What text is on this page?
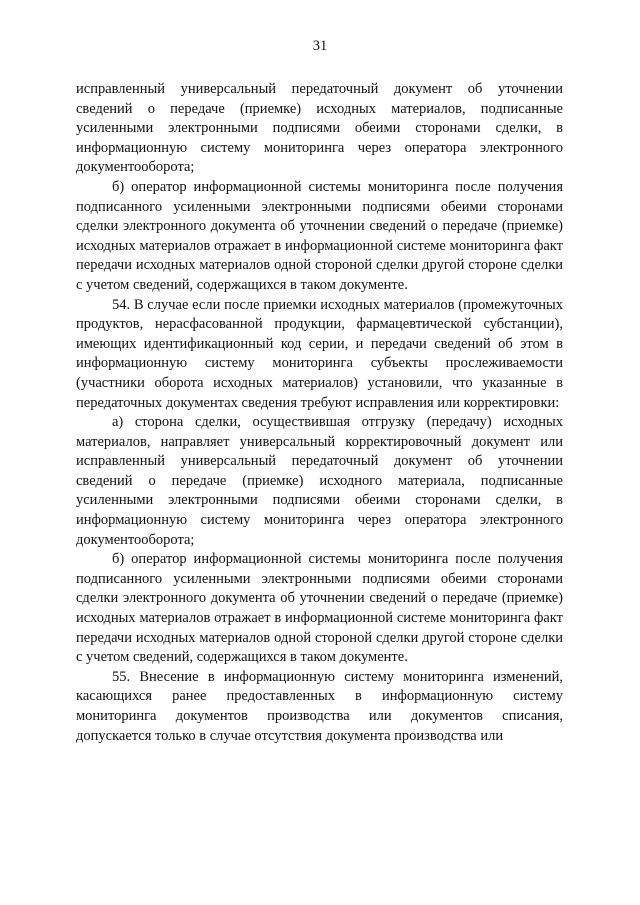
31

исправленный универсальный передаточный документ об уточнении сведений о передаче (приемке) исходных материалов, подписанные усиленными электронными подписями обеими сторонами сделки, в информационную систему мониторинга через оператора электронного документооборота;

б) оператор информационной системы мониторинга после получения подписанного усиленными электронными подписями обеими сторонами сделки электронного документа об уточнении сведений о передаче (приемке) исходных материалов отражает в информационной системе мониторинга факт передачи исходных материалов одной стороной сделки другой стороне сделки с учетом сведений, содержащихся в таком документе.

54. В случае если после приемки исходных материалов (промежуточных продуктов, нерасфасованной продукции, фармацевтической субстанции), имеющих идентификационный код серии, и передачи сведений об этом в информационную систему мониторинга субъекты прослеживаемости (участники оборота исходных материалов) установили, что указанные в передаточных документах сведения требуют исправления или корректировки:

а) сторона сделки, осуществившая отгрузку (передачу) исходных материалов, направляет универсальный корректировочный документ или исправленный универсальный передаточный документ об уточнении сведений о передаче (приемке) исходного материала, подписанные усиленными электронными подписями обеими сторонами сделки, в информационную систему мониторинга через оператора электронного документооборота;

б) оператор информационной системы мониторинга после получения подписанного усиленными электронными подписями обеими сторонами сделки электронного документа об уточнении сведений о передаче (приемке) исходных материалов отражает в информационной системе мониторинга факт передачи исходных материалов одной стороной сделки другой стороне сделки с учетом сведений, содержащихся в таком документе.

55. Внесение в информационную систему мониторинга изменений, касающихся ранее предоставленных в информационную систему мониторинга документов производства или документов списания, допускается только в случае отсутствия документа производства или
